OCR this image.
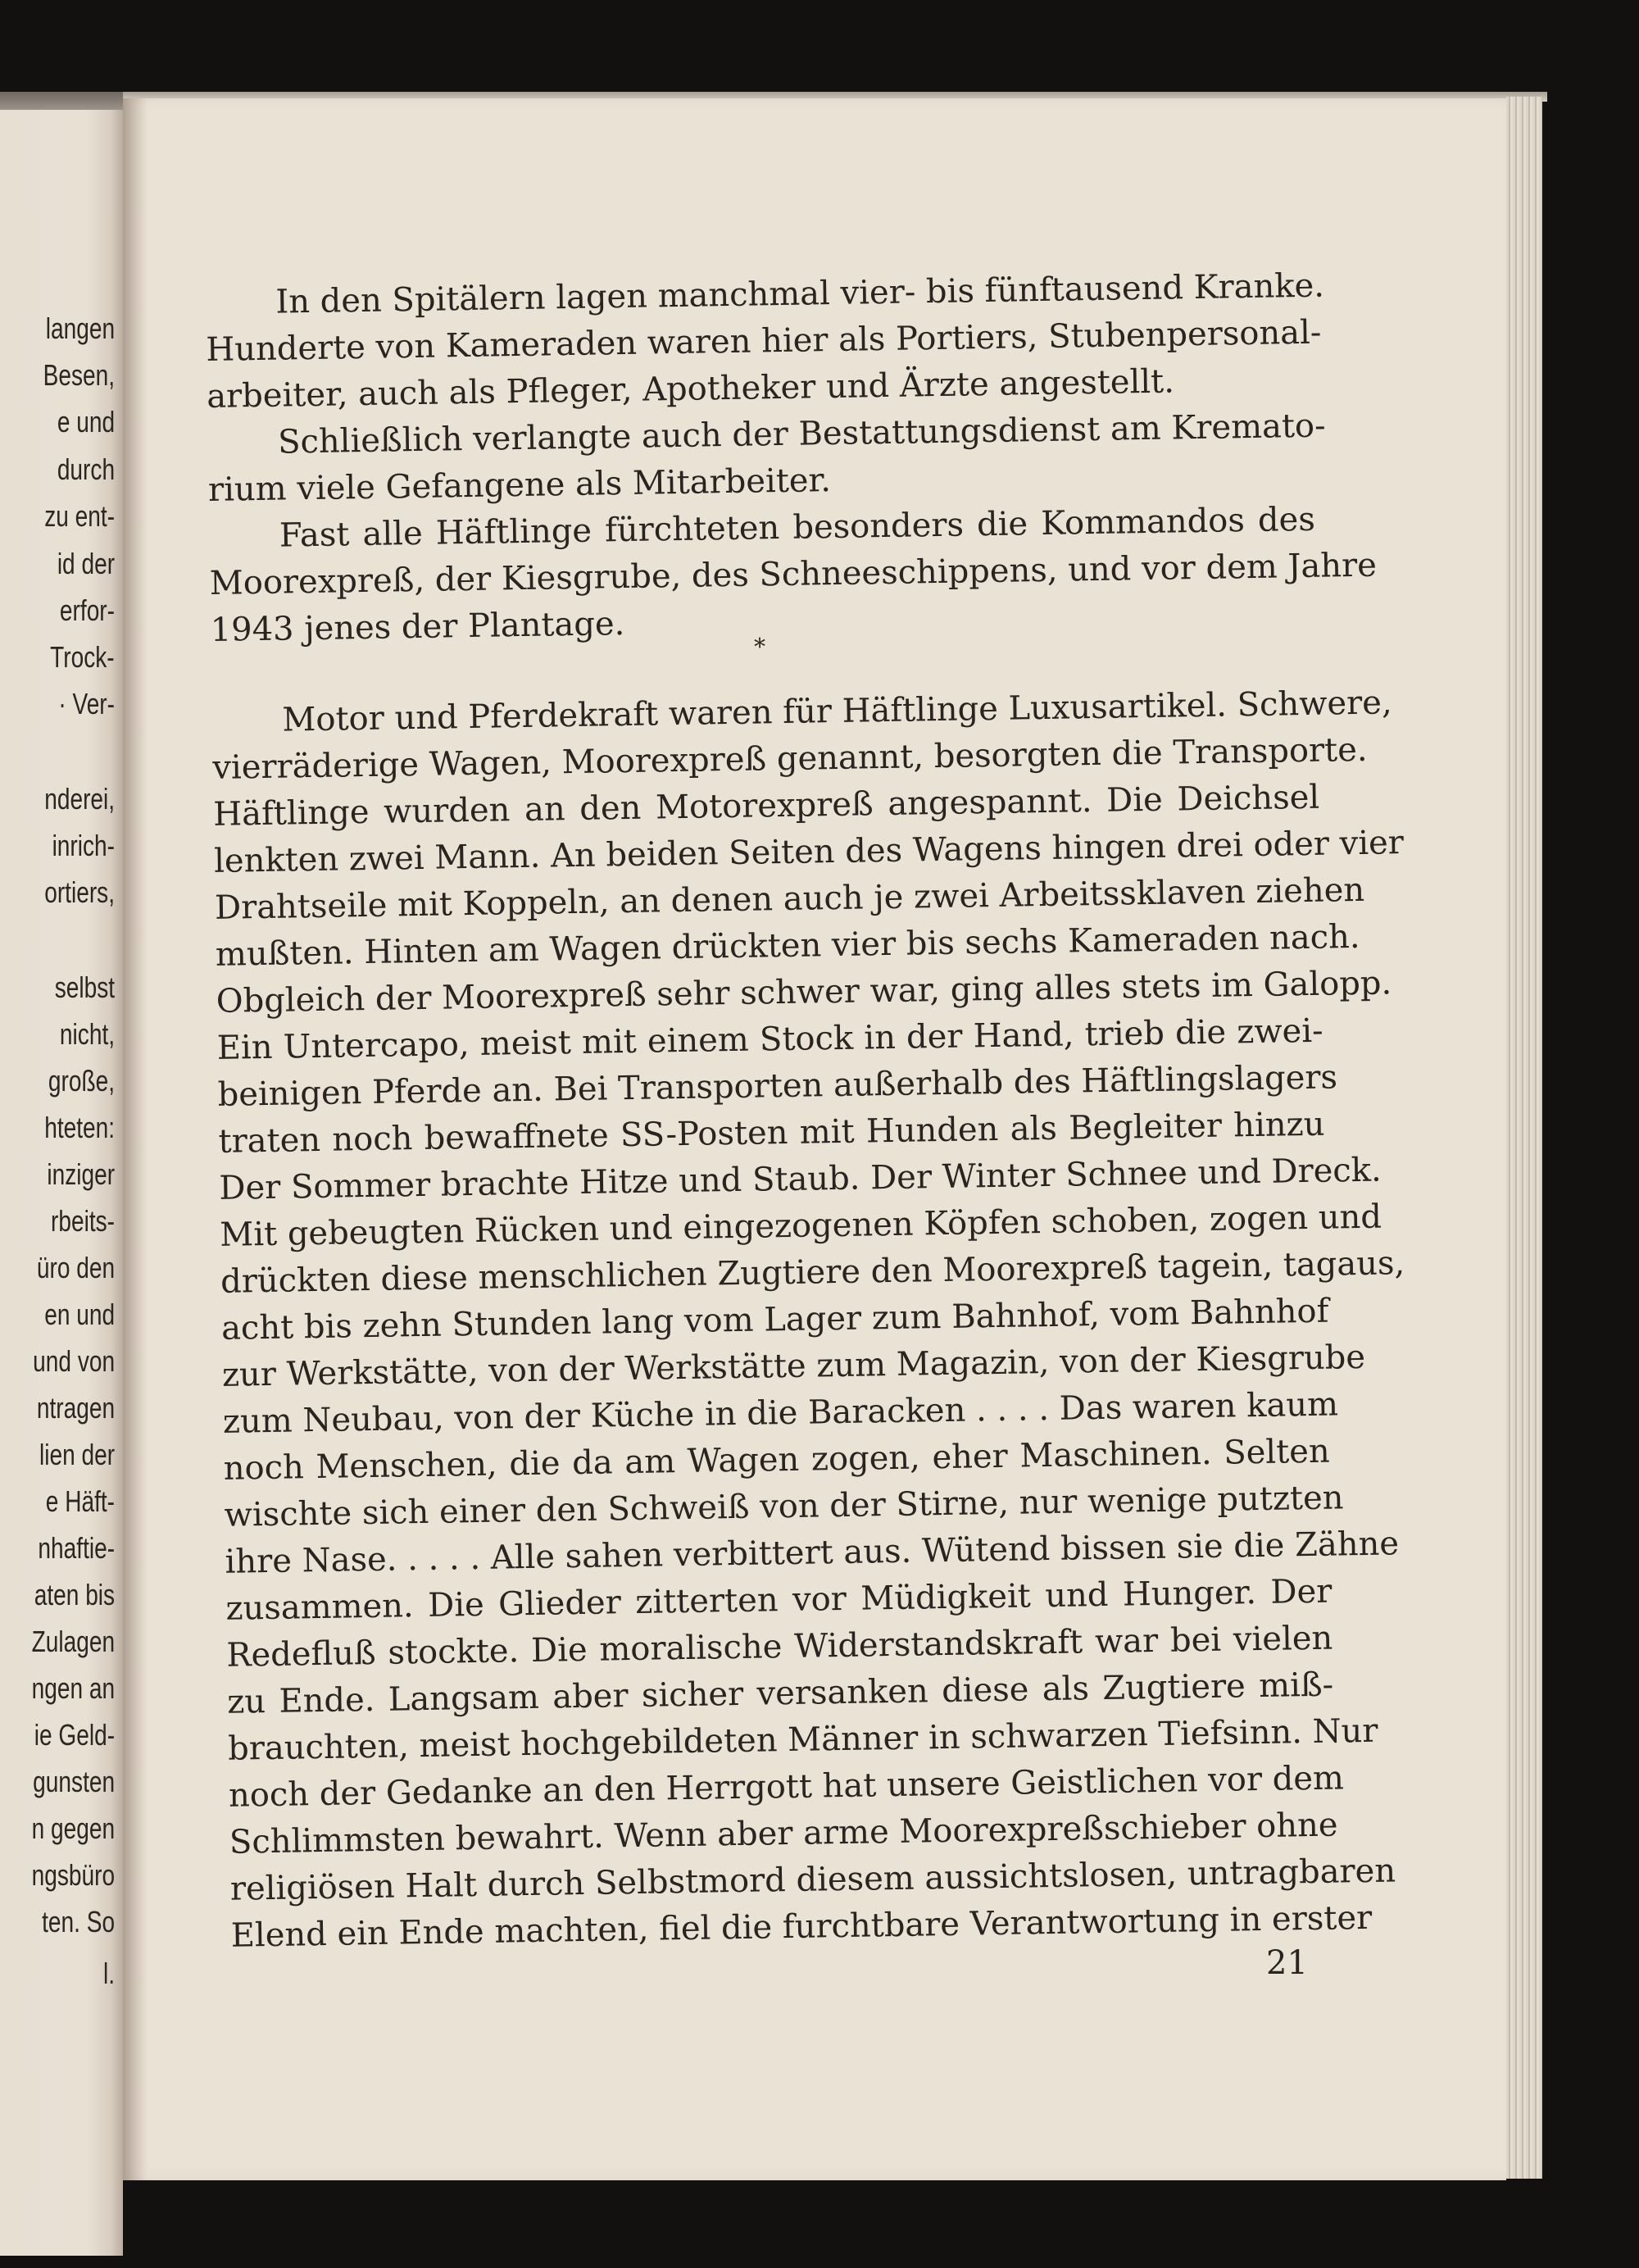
langen
Besen,
e und
durch
zu ent-
id der
erfor-
Trock-
· Ver-
nderei,
inrich-
ortiers,
selbst
nicht,
große,
hteten:
inziger
rbeits-
üro den
en und
und von
ntragen
lien der
e Häft-
nhaftie-
aten bis
Zulagen
ngen an
ie Geld-
gunsten
n gegen
ngsbüro
ten. So
l.
In den Spitälern lagen manchmal vier- bis fünftausend Kranke.
Hunderte von Kameraden waren hier als Portiers, Stubenpersonal-
arbeiter, auch als Pfleger, Apotheker und Ärzte angestellt.
Schließlich verlangte auch der Bestattungsdienst am Kremato-
rium viele Gefangene als Mitarbeiter.
Fast alle Häftlinge fürchteten besonders die Kommandos des
Moorexpreß, der Kiesgrube, des Schneeschippens, und vor dem Jahre
1943 jenes der Plantage.	*
Motor und Pferdekraft waren für Häftlinge Luxusartikel. Schwere,
vierräderige Wagen, Moorexpreß genannt, besorgten die Transporte.
Häftlinge wurden an den Motorexpreß angespannt. Die Deichsel
lenkten zwei Mann. An beiden Seiten des Wagens hingen drei oder vier
Drahtseile mit Koppeln, an denen auch je zwei Arbeitssklaven ziehen
mußten. Hinten am Wagen drückten vier bis sechs Kameraden nach.
Obgleich der Moorexpreß sehr schwer war, ging alles stets im Galopp.
Ein Untercapo, meist mit einem Stock in der Hand, trieb die zwei-
beinigen Pferde an. Bei Transporten außerhalb des Häftlingslagers
traten noch bewaffnete SS-Posten mit Hunden als Begleiter hinzu
Der Sommer brachte Hitze und Staub. Der Winter Schnee und Dreck.
Mit gebeugten Rücken und eingezogenen Köpfen schoben, zogen und
drückten diese menschlichen Zugtiere den Moorexpreß tagein, tagaus,
acht bis zehn Stunden lang vom Lager zum Bahnhof, vom Bahnhof
zur Werkstätte, von der Werkstätte zum Magazin, von der Kiesgrube
zum Neubau, von der Küche in die Baracken . . . . Das waren kaum
noch Menschen, die da am Wagen zogen, eher Maschinen. Selten
wischte sich einer den Schweiß von der Stirne, nur wenige putzten
ihre Nase. . . . . Alle sahen verbittert aus. Wütend bissen sie die Zähne
zusammen. Die Glieder zitterten vor Müdigkeit und Hunger. Der
Redefluß stockte. Die moralische Widerstandskraft war bei vielen
zu Ende. Langsam aber sicher versanken diese als Zugtiere miß-
brauchten, meist hochgebildeten Männer in schwarzen Tiefsinn. Nur
noch der Gedanke an den Herrgott hat unsere Geistlichen vor dem
Schlimmsten bewahrt. Wenn aber arme Moorexpreßschieber ohne
religiösen Halt durch Selbstmord diesem aussichtslosen, untragbaren
Elend ein Ende machten, fiel die furchtbare Verantwortung in erster
21
